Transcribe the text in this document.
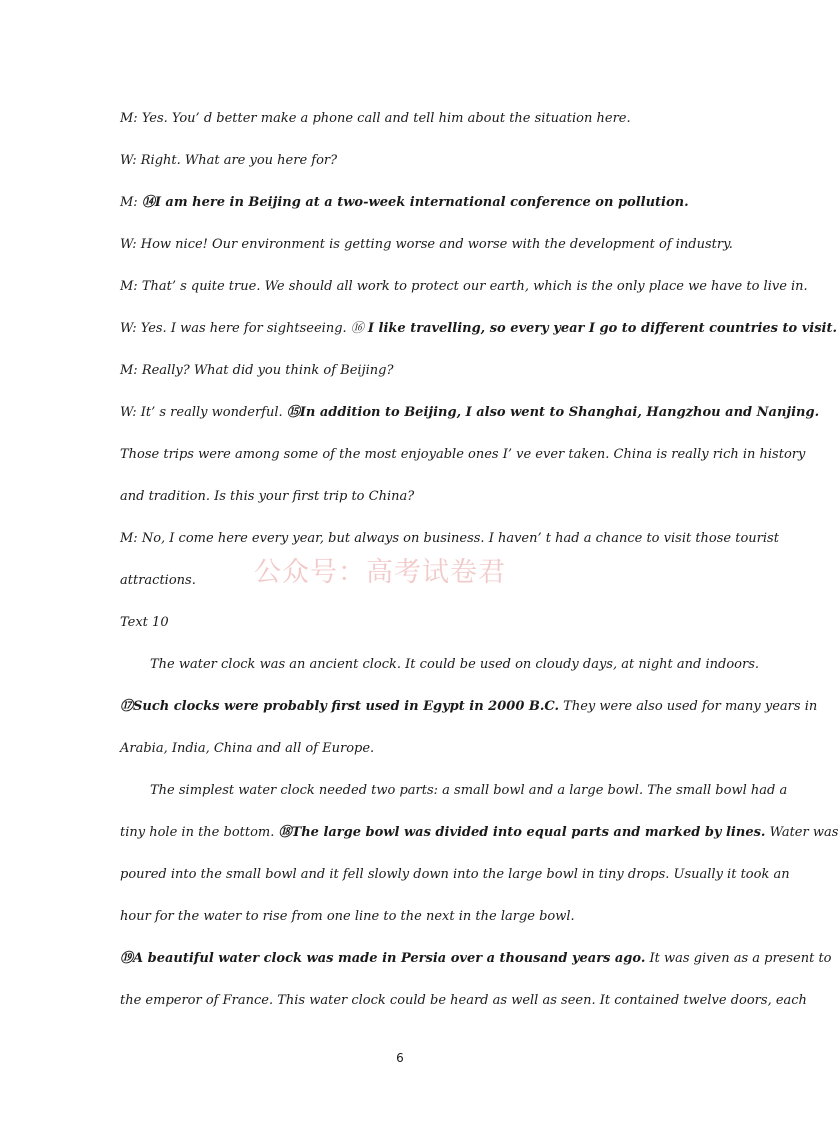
M: Yes. You’ d better make a phone call and tell him about the situation here.
W: Right. What are you here for?
M: ⑭I am here in Beijing at a two-week international conference on pollution.
W: How nice! Our environment is getting worse and worse with the development of industry.
M: That’ s quite true. We should all work to protect our earth, which is the only place we have to live in.
W: Yes. I was here for sightseeing. ⑯ I like travelling, so every year I go to different countries to visit.
M: Really? What did you think of Beijing?
W: It’ s really wonderful. ⑮In addition to Beijing, I also went to Shanghai, Hangzhou and Nanjing.
Those trips were among some of the most enjoyable ones I’ ve ever taken. China is really rich in history
and tradition. Is this your first trip to China?
M: No, I come here every year, but always on business. I haven’ t had a chance to visit those tourist
attractions.
Text 10
The water clock was an ancient clock. It could be used on cloudy days, at night and indoors.
⑰Such clocks were probably first used in Egypt in 2000 B.C. They were also used for many years in
Arabia, India, China and all of Europe.
The simplest water clock needed two parts: a small bowl and a large bowl. The small bowl had a
tiny hole in the bottom. ⑱The large bowl was divided into equal parts and marked by lines. Water was
poured into the small bowl and it fell slowly down into the large bowl in tiny drops. Usually it took an
hour for the water to rise from one line to the next in the large bowl.
⑲A beautiful water clock was made in Persia over a thousand years ago. It was given as a present to
the emperor of France. This water clock could be heard as well as seen. It contained twelve doors, each
公众号：高考试卷君
6
